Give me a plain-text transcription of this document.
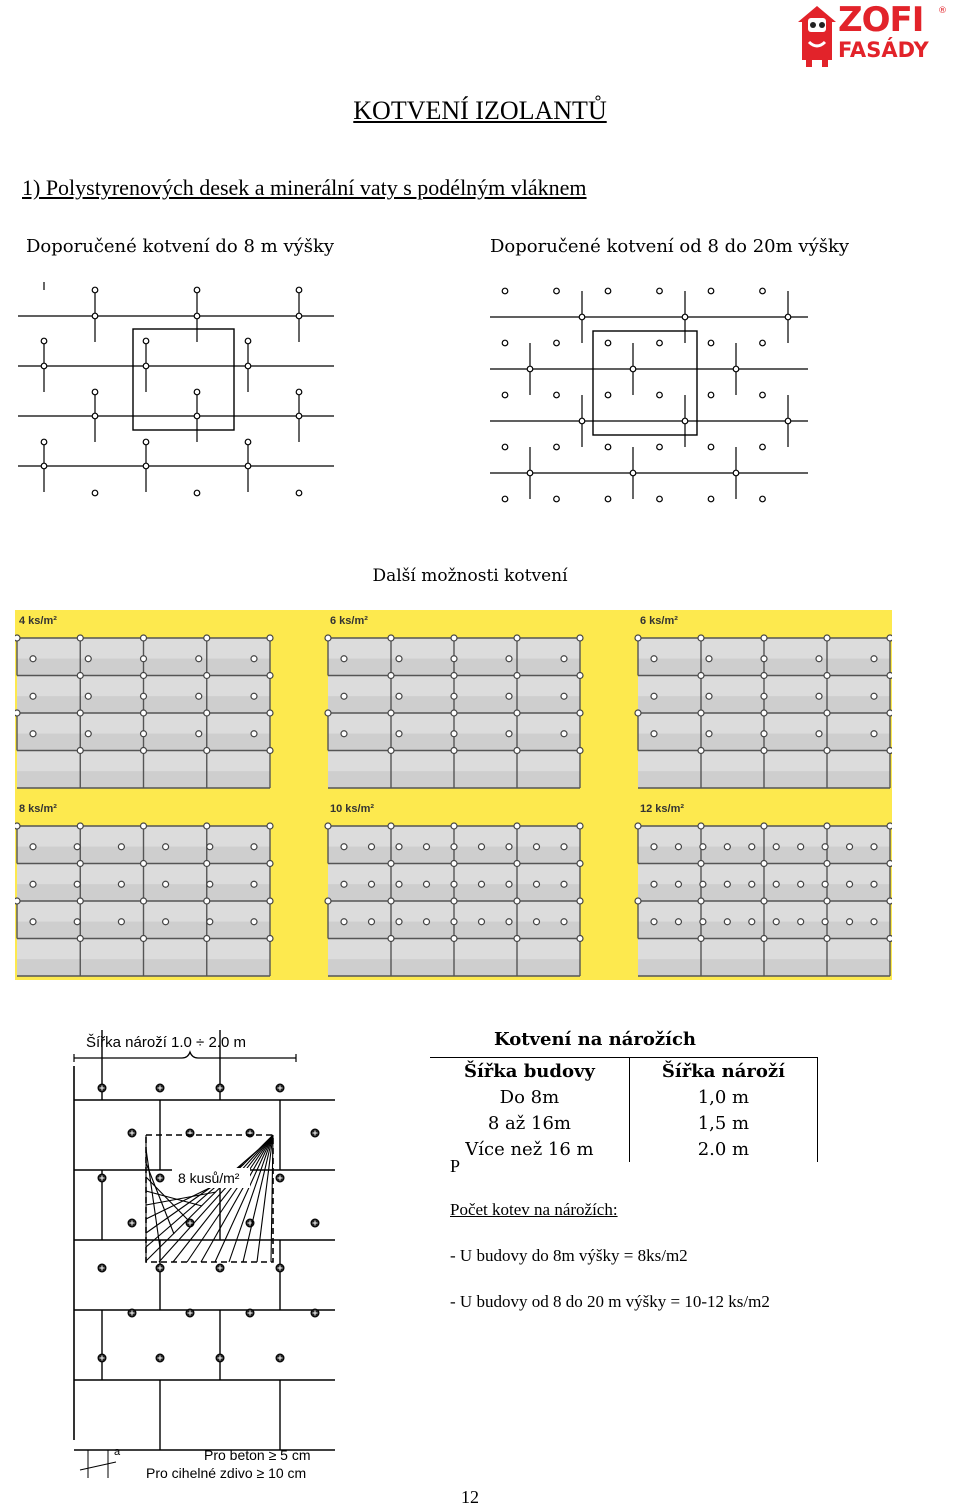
ZOFI ®
FASÁDY
KOTVENÍ IZOLANTŮ
1) Polystyrenových desek a minerální vaty s podélným vláknem
Doporučené kotvení do 8 m výšky	Doporučené kotvení od 8 do 20m výšky
Další možnosti kotvení
4 ks/m²	6 ks/m²	6 ks/m²
8 ks/m²	10 ks/m²	12 ks/m²
Šířka nároží 1.0 ÷ 2.0 m
8 kusů/m²
a	Pro beton ≥ 5 cm
Pro cihelné zdivo ≥ 10 cm
Kotvení na nárožích
Šířka budovy	Šířka nároží
Do 8m	1,0 m
8 až 16m	1,5 m
Více než 16 m	2.0 m
P
Počet kotev na nárožích:
- U budovy do 8m výšky = 8ks/m2
- U budovy od 8 do 20 m výšky = 10-12 ks/m2
12
